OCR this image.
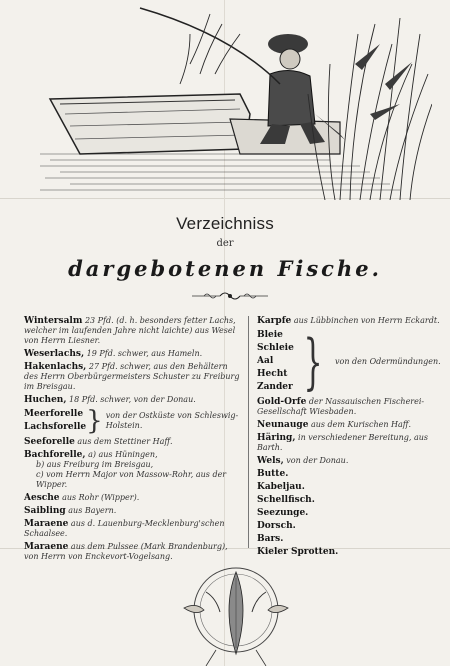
Verzeichniss
der
dargebotenen Fische.
Wintersalm 23 Pfd. (d. h. besonders fetter Lachs, welcher im laufenden Jahre nicht laichte) aus Wesel von Herrn Liesner.
Weserlachs, 19 Pfd. schwer, aus Hameln.
Hakenlachs, 27 Pfd. schwer, aus den Behältern des Herrn Oberbürgermeisters Schuster zu Freiburg im Breisgau.
Huchen, 18 Pfd. schwer, von der Donau.
Meerforelle
Lachsforelle } von der Ostküste von Schleswig-Holstein.
Seeforelle aus dem Stettiner Haff.
Bachforelle, a) aus Hüningen,
b) aus Freiburg im Breisgau,
c) vom Herrn Major von Massow-Rohr, aus der Wipper.
Aesche aus Rohr (Wipper).
Saibling aus Bayern.
Maraene aus d. Lauenburg-Mecklenburg'schen Schaalsee.
Maraene aus dem Pulssee (Mark Brandenburg), von Herrn von Enckevort-Vogelsang.
Karpfe aus Lübbinchen von Herrn Eckardt.
Bleie
Schleie
Aal
Hecht
Zander } von den Odermündungen.
Gold-Orfe der Nassauischen Fischerei-Gesellschaft Wiesbaden.
Neunauge aus dem Kurischen Haff.
Häring, in verschiedener Bereitung, aus Barth.
Wels, von der Donau.
Butte.
Kabeljau.
Schellfisch.
Seezunge.
Dorsch.
Bars.
Kieler Sprotten.
